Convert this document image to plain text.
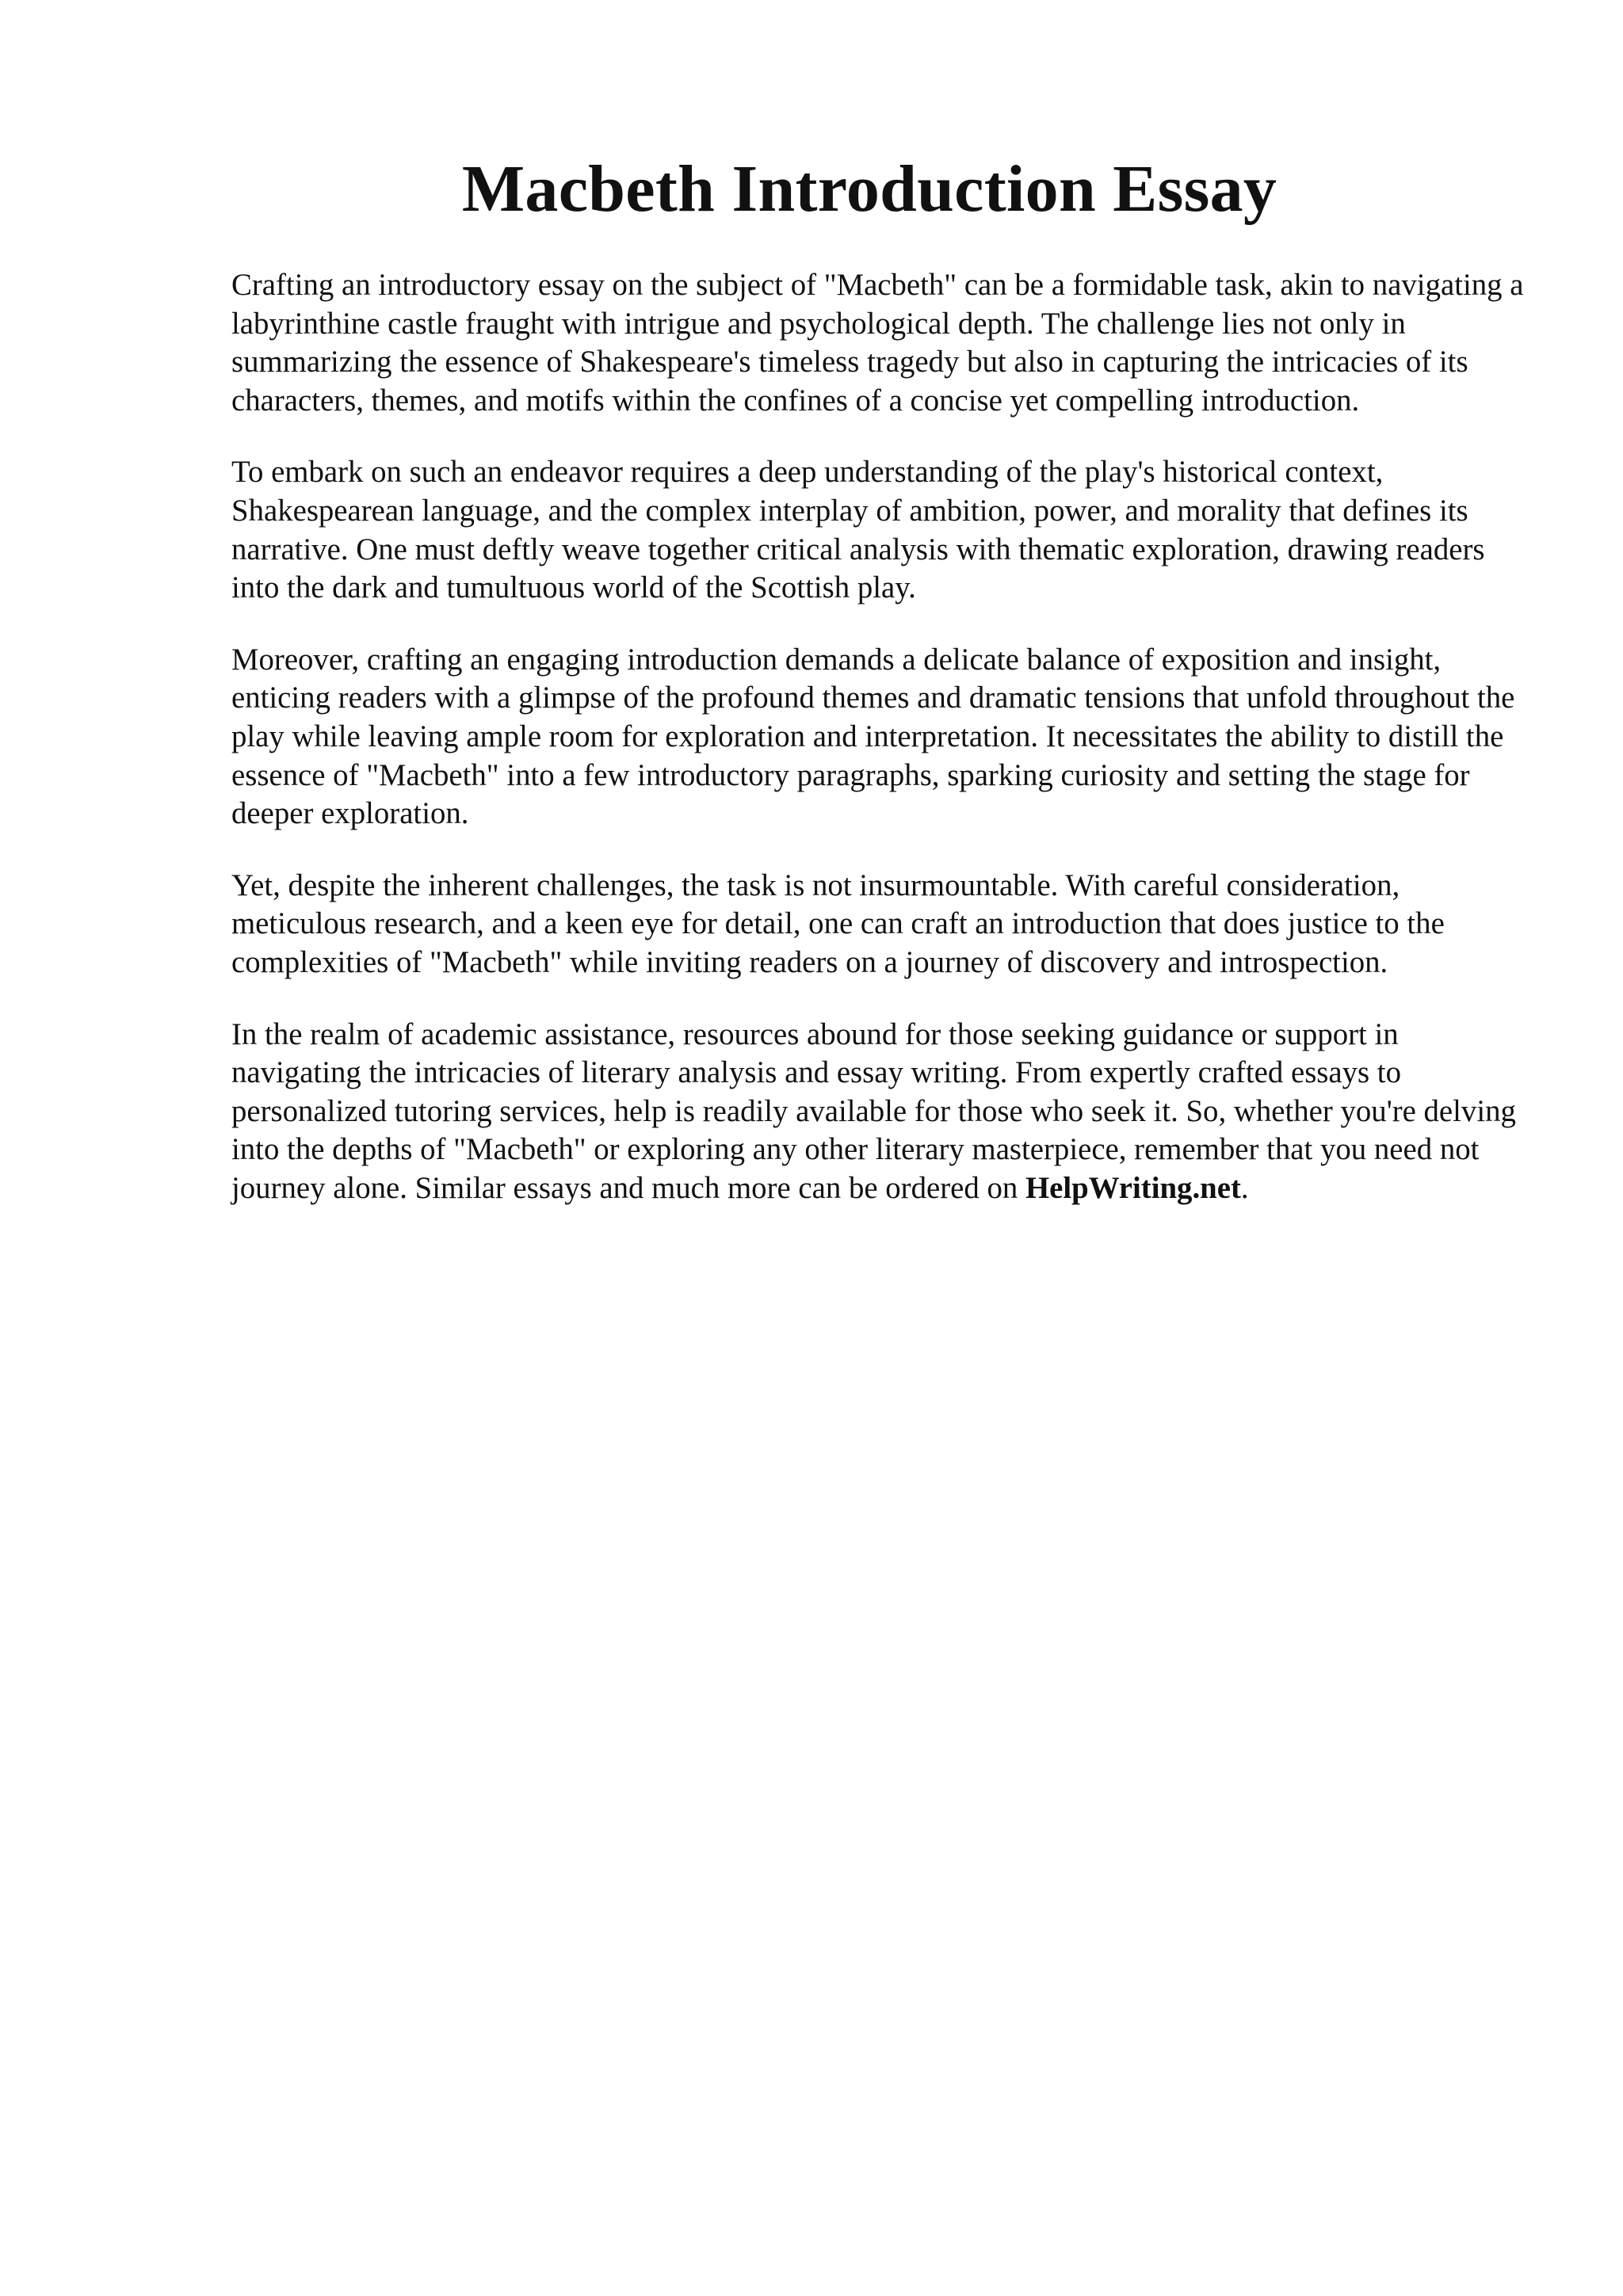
Macbeth Introduction Essay

Crafting an introductory essay on the subject of "Macbeth" can be a formidable task, akin to navigating a labyrinthine castle fraught with intrigue and psychological depth. The challenge lies not only in summarizing the essence of Shakespeare's timeless tragedy but also in capturing the intricacies of its characters, themes, and motifs within the confines of a concise yet compelling introduction.

To embark on such an endeavor requires a deep understanding of the play's historical context, Shakespearean language, and the complex interplay of ambition, power, and morality that defines its narrative. One must deftly weave together critical analysis with thematic exploration, drawing readers into the dark and tumultuous world of the Scottish play.

Moreover, crafting an engaging introduction demands a delicate balance of exposition and insight, enticing readers with a glimpse of the profound themes and dramatic tensions that unfold throughout the play while leaving ample room for exploration and interpretation. It necessitates the ability to distill the essence of "Macbeth" into a few introductory paragraphs, sparking curiosity and setting the stage for deeper exploration.

Yet, despite the inherent challenges, the task is not insurmountable. With careful consideration, meticulous research, and a keen eye for detail, one can craft an introduction that does justice to the complexities of "Macbeth" while inviting readers on a journey of discovery and introspection.

In the realm of academic assistance, resources abound for those seeking guidance or support in navigating the intricacies of literary analysis and essay writing. From expertly crafted essays to personalized tutoring services, help is readily available for those who seek it. So, whether you're delving into the depths of "Macbeth" or exploring any other literary masterpiece, remember that you need not journey alone. Similar essays and much more can be ordered on HelpWriting.net.
